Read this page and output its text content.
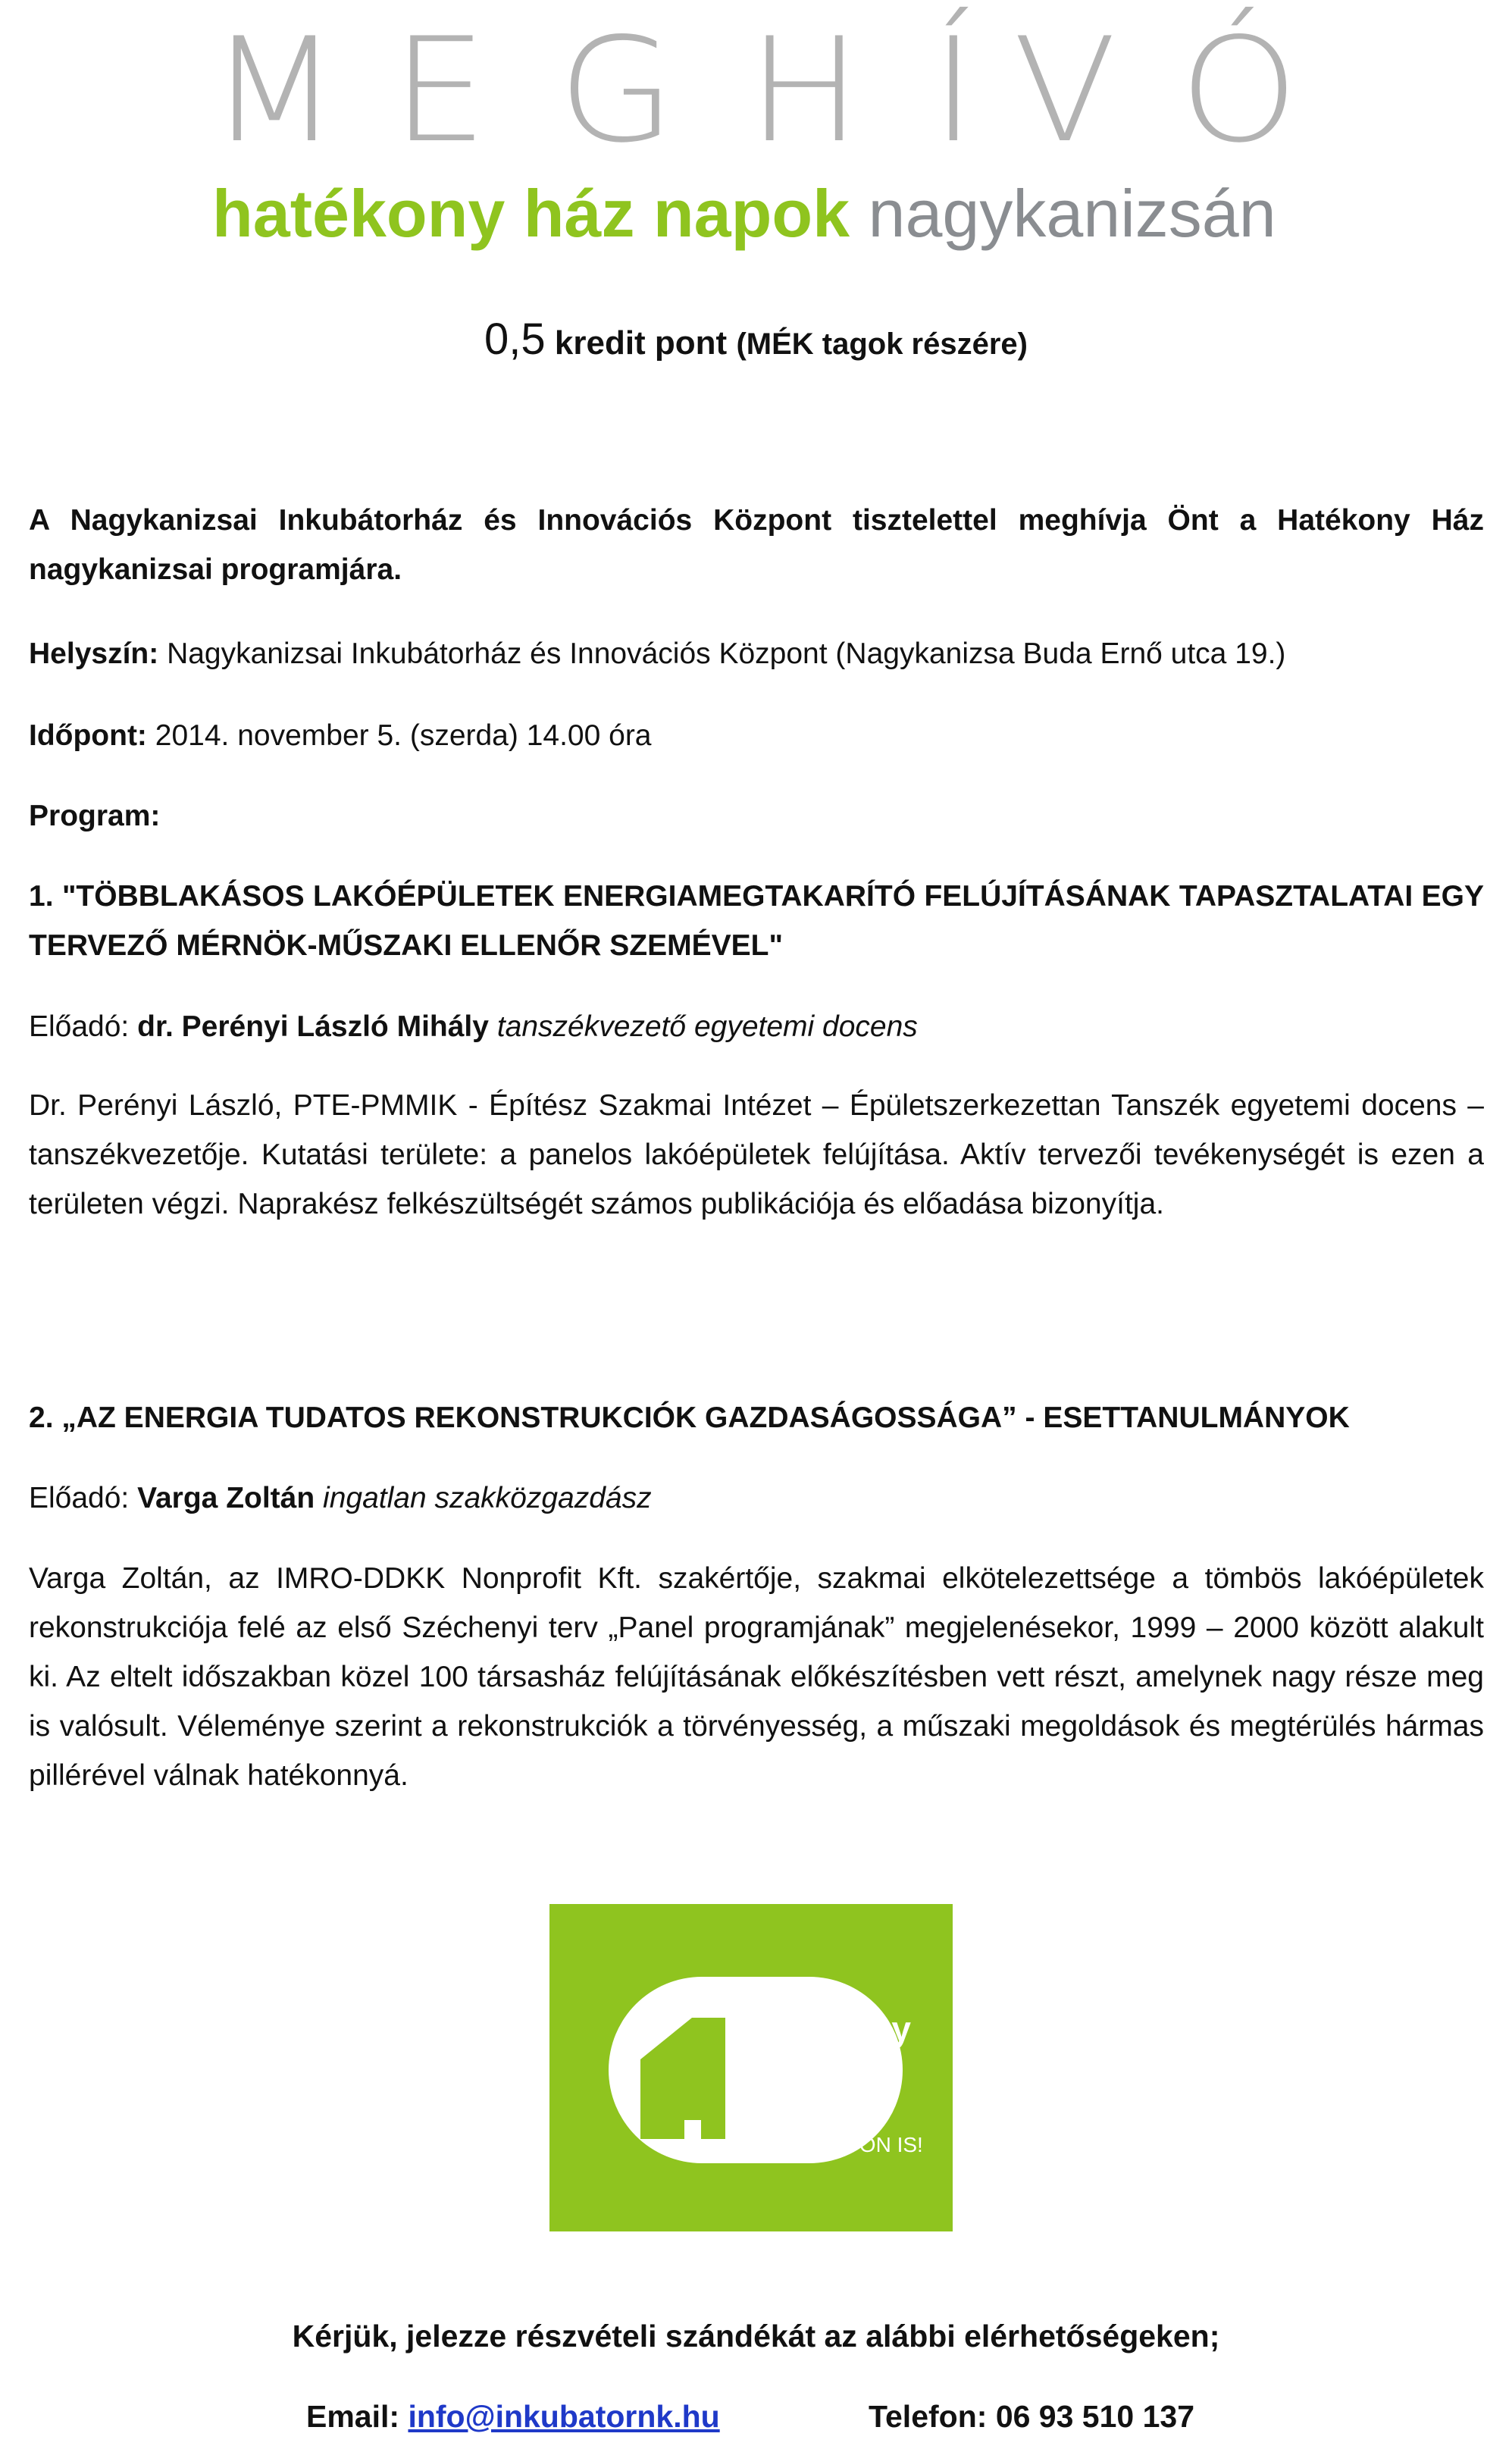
M E G H Í V Ó
hatékony ház napok nagykanizsán
0,5 kredit pont (MÉK tagok részére)
A Nagykanizsai Inkubátorház és Innovációs Központ tisztelettel meghívja Önt a Hatékony Ház nagykanizsai programjára.
Helyszín: Nagykanizsai Inkubátorház és Innovációs Központ (Nagykanizsa Buda Ernő utca 19.)
Időpont: 2014. november 5. (szerda) 14.00 óra
Program:
1. "TÖBBLAKÁSOS LAKÓÉPÜLETEK ENERGIAMEGTAKARÍTÓ FELÚJÍTÁSÁNAK TAPASZTALATAI EGY TERVEZŐ MÉRNÖK-MŰSZAKI ELLENŐR SZEMÉVEL"
Előadó: dr. Perényi László Mihály tanszékvezető egyetemi docens
Dr. Perényi László, PTE-PMMIK - Építész Szakmai Intézet – Épületszerkezettan Tanszék egyetemi docens – tanszékvezetője. Kutatási területe: a panelos lakóépületek felújítása. Aktív tervezői tevékenységét is ezen a területen végzi. Naprakész felkészültségét számos publikációja és előadása bizonyítja.
2. „AZ ENERGIA TUDATOS REKONSTRUKCIÓK GAZDASÁGOSSÁGA” - ESETTANULMÁNYOK
Előadó: Varga Zoltán ingatlan szakközgazdász
Varga Zoltán, az IMRO-DDKK Nonprofit Kft. szakértője, szakmai elkötelezettsége a tömbös lakóépületek rekonstrukciója felé az első Széchenyi terv „Panel programjának” megjelenésekor, 1999 – 2000 között alakult ki. Az eltelt időszakban közel 100 társasház felújításának előkészítésben vett részt, amelynek nagy része meg is valósult. Véleménye szerint a rekonstrukciók a törvényesség, a műszaki megoldások és megtérülés hármas pillérével válnak hatékonnyá.
hatékony
ház
napok
NYISSON ÖN IS!
Kérjük, jelezze részvételi szándékát az alábbi elérhetőségeken;
Email: info@inkubatornk.hu	Telefon: 06 93 510 137
